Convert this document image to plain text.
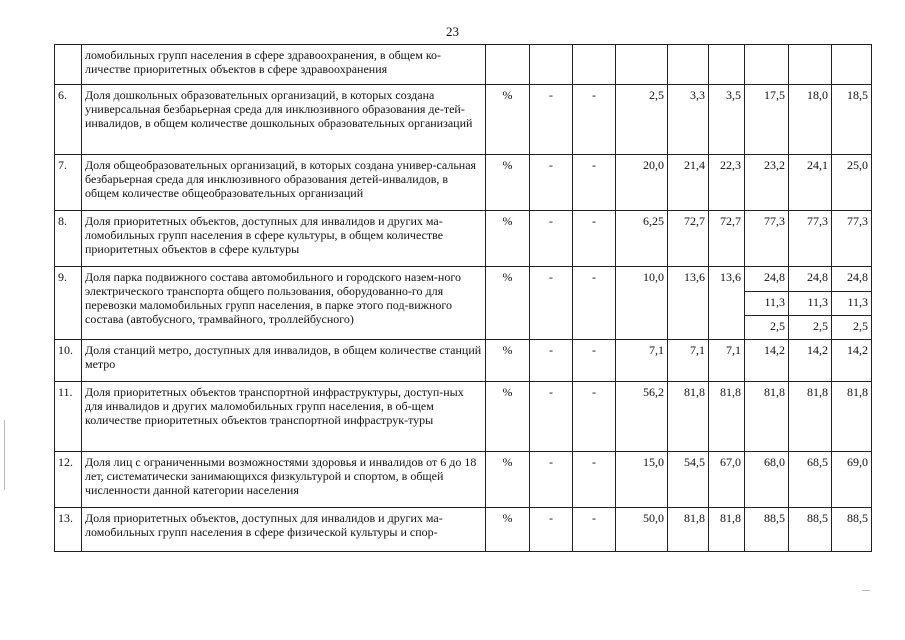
23
	ломобильных групп населения в сфере здравоохранения, в общем ко-личестве приоритетных объектов в сфере здравоохранения									
6.	Доля дошкольных образовательных организаций, в которых создана универсальная безбарьерная среда для инклюзивного образования де-тей-инвалидов, в общем количестве дошкольных образовательных организаций	%	-	-	2,5	3,3	3,5	17,5	18,0	18,5
7.	Доля общеобразовательных организаций, в которых создана универ-сальная безбарьерная среда для инклюзивного образования детей-инвалидов, в общем количестве общеобразовательных организаций	%	-	-	20,0	21,4	22,3	23,2	24,1	25,0
8.	Доля приоритетных объектов, доступных для инвалидов и других ма-ломобильных групп населения в сфере культуры, в общем количестве приоритетных объектов в сфере культуры	%	-	-	6,25	72,7	72,7	77,3	77,3	77,3
9.	Доля парка подвижного состава автомобильного и городского назем-ного электрического транспорта общего пользования, оборудованно-го для перевозки маломобильных групп населения, в парке этого под-вижного состава (автобусного, трамвайного, троллейбусного)	%	-	-	10,0	13,6	13,6	24,8	24,8	24,8
								11,3	11,3	11,3
								2,5	2,5	2,5
10.	Доля станций метро, доступных для инвалидов, в общем количестве станций метро	%	-	-	7,1	7,1	7,1	14,2	14,2	14,2
11.	Доля приоритетных объектов транспортной инфраструктуры, доступ-ных для инвалидов и других маломобильных групп населения, в об-щем количестве приоритетных объектов транспортной инфраструк-туры	%	-	-	56,2	81,8	81,8	81,8	81,8	81,8
12.	Доля лиц с ограниченными возможностями здоровья и инвалидов от 6 до 18 лет, систематически занимающихся физкультурой и спортом, в общей численности данной категории населения	%	-	-	15,0	54,5	67,0	68,0	68,5	69,0
13.	Доля приоритетных объектов, доступных для инвалидов и других ма-ломобильных групп населения в сфере физической культуры и спор-	%	-	-	50,0	81,8	81,8	88,5	88,5	88,5
